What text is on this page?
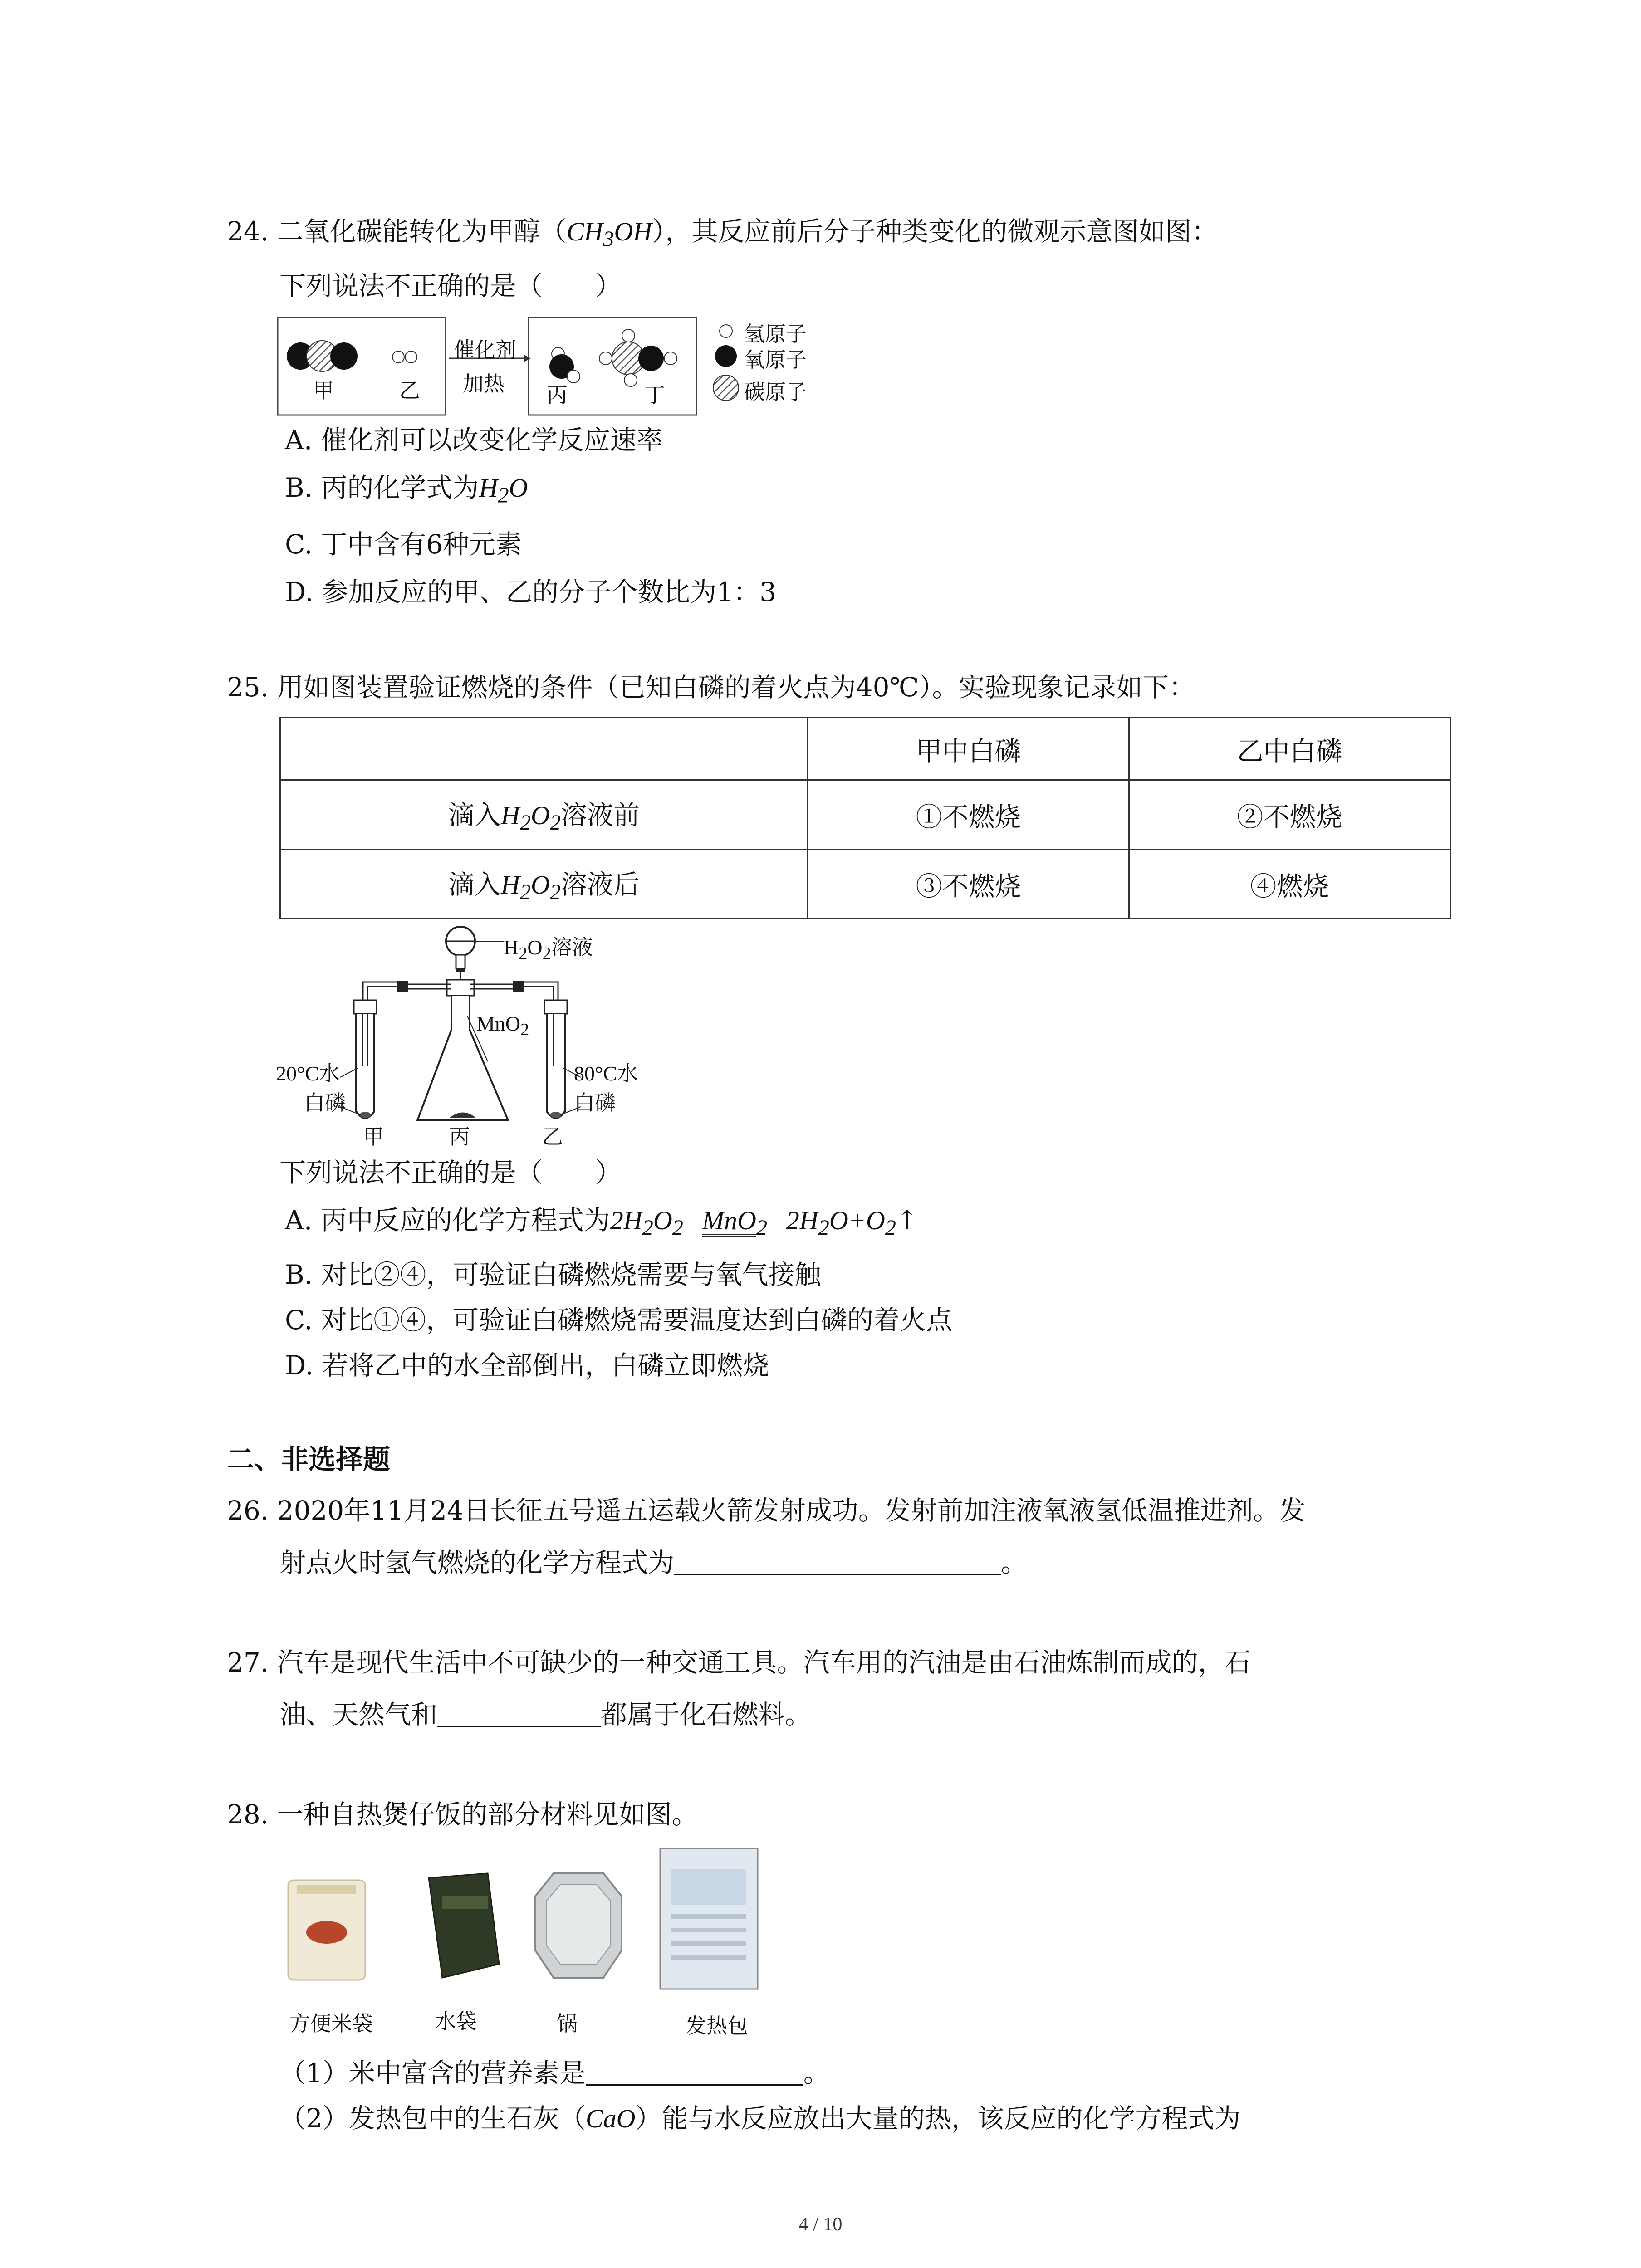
24. 二氧化碳能转化为甲醇$(CH_3OH)$，其反应前后分子种类变化的微观示意图如图：
下列说法不正确的是（　　）
甲	乙
催化剂
加热 丙	丁
氢原子
氧原子
碳原子
A. 催化剂可以改变化学反应速率
B. 丙的化学式为$H_2O$
C. 丁中含有6种元素
D. 参加反应的甲、乙的分子个数比为1：3
25. 用如图装置验证燃烧的条件（已知白磷的着火点为40℃）。实验现象记录如下：
	甲中白磷	乙中白磷
滴入$H_2O_2$溶液前	①不燃烧	②不燃烧
滴入$H_2O_2$溶液后	③不燃烧	④燃烧
$H_2O_2$溶液
MnO$_2$
20°C水
白磷
80°C水
白磷
甲	丙	乙
下列说法不正确的是（　　）
A. 丙中反应的化学方程式为$2H_2O_2$ MnO$_2$ $2H_2O+O_2↑$
B. 对比②④，可验证白磷燃烧需要与氧气接触
C. 对比①④，可验证白磷燃烧需要温度达到白磷的着火点
D. 若将乙中的水全部倒出，白磷立即燃烧
二、非选择题
26. 2020年11月24日长征五号遥五运载火箭发射成功。发射前加注液氧液氢低温推进剂。发
射点火时氢气燃烧的化学方程式为	。
27. 汽车是现代生活中不可缺少的一种交通工具。汽车用的汽油是由石油炼制而成的，石
油、天然气和	都属于化石燃料。
28. 一种自热煲仔饭的部分材料见如图。
方便米袋	水袋	锅	发热包
（1）米中富含的营养素是	。
（2）发热包中的生石灰（CaO）能与水反应放出大量的热，该反应的化学方程式为
4 / 10
